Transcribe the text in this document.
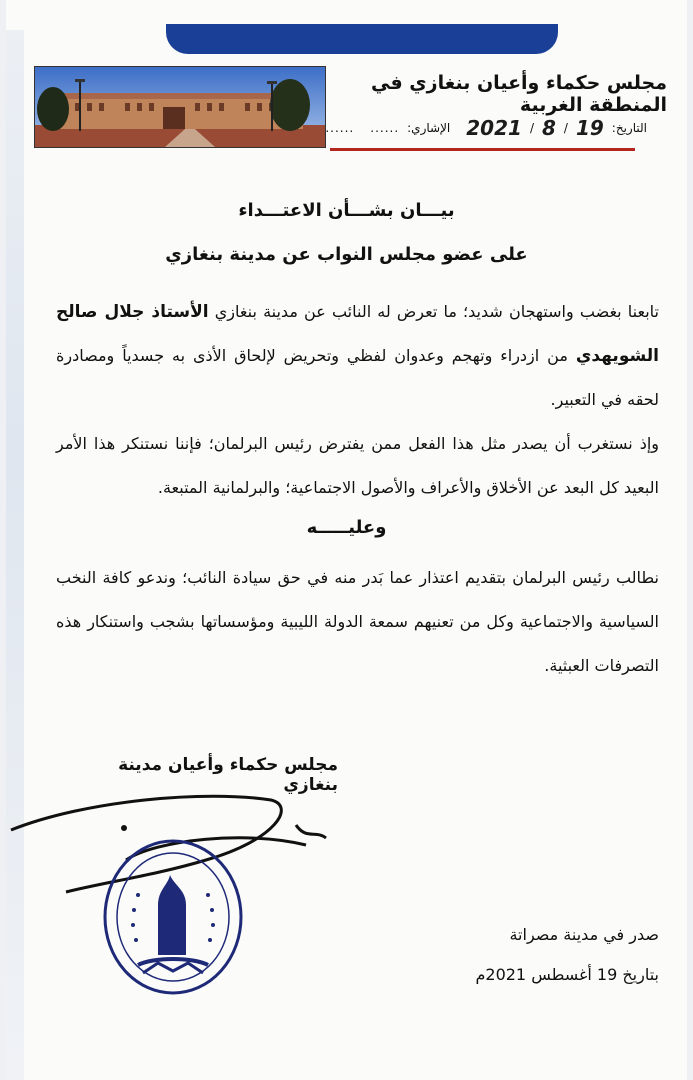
مجلس حكماء وأعيان بنغازي في المنطقة الغربية
التاريخ:
19
/
8
/
2021
الإشاري:
......
......
بيـــان بشـــأن الاعتـــداء
على عضو مجلس النواب عن مدينة بنغازي
تابعنا بغضب واستهجان شديد؛ ما تعرض له النائب عن مدينة بنغازي الأستاذ جلال صالح الشويهدي من ازدراء وتهجم وعدوان لفظي وتحريض لإلحاق الأذى به جسدياً ومصادرة لحقه في التعبير.
وإذ نستغرب أن يصدر مثل هذا الفعل ممن يفترض رئيس البرلمان؛ فإننا نستنكر هذا الأمر البعيد كل البعد عن الأخلاق والأعراف والأصول الاجتماعية؛ والبرلمانية المتبعة.
وعليـــــه
نطالب رئيس البرلمان بتقديم اعتذار عما بَدر منه في حق سيادة النائب؛ وندعو كافة النخب السياسية والاجتماعية وكل من تعنيهم سمعة الدولة الليبية ومؤسساتها بشجب واستنكار هذه التصرفات العبثية.
مجلس حكماء وأعيان مدينة بنغازي
صدر في مدينة مصراتة
بتاريخ 19 أغسطس 2021م
